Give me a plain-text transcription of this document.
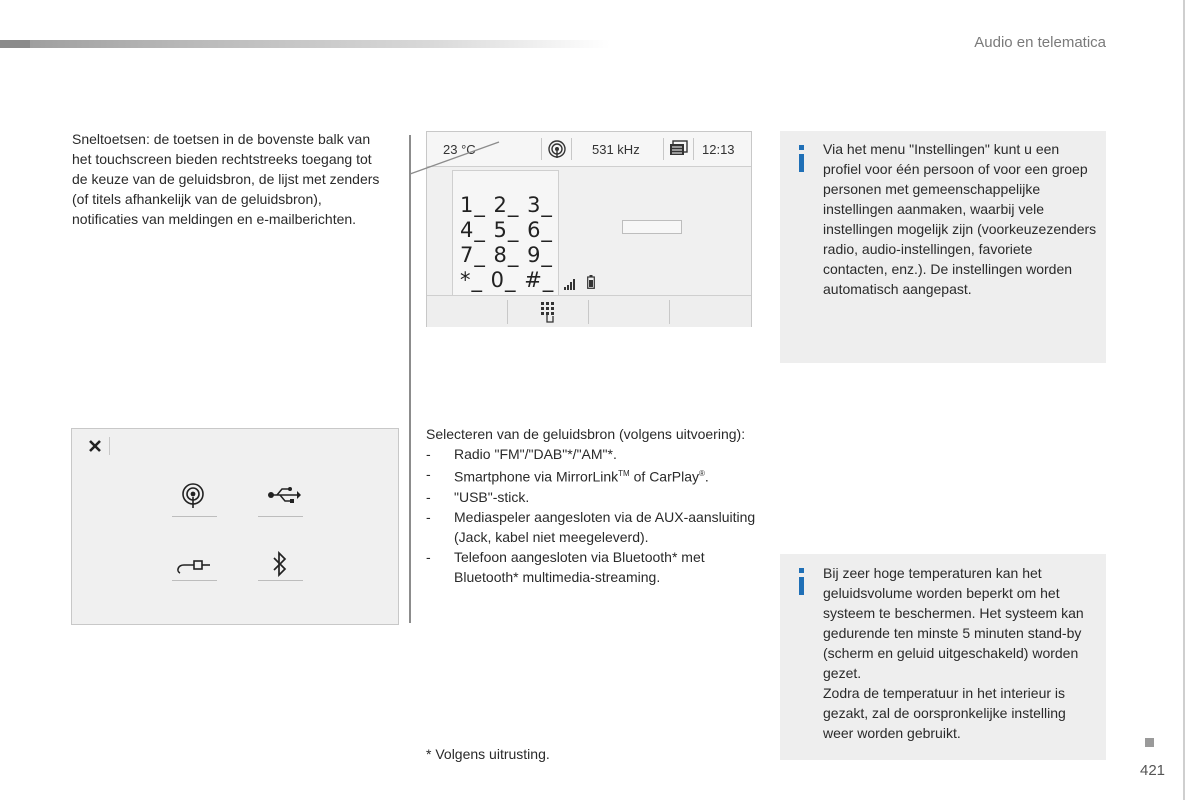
Audio en telematica
Sneltoetsen: de toetsen in de bovenste balk van het touchscreen bieden rechtstreeks toegang tot de keuze van de geluidsbron, de lijst met zenders (of titels afhankelijk van de geluidsbron), notificaties van meldingen en e-mailberichten.
23 °C	531 kHz	12:13
1_ 2_ 3_
4_ 5_ 6_
7_ 8_ 9_
*_ 0_ #_
Via het menu "Instellingen" kunt u een profiel voor één persoon of voor een groep personen met gemeenschappelijke instellingen aanmaken, waarbij vele instellingen mogelijk zijn (voorkeuzezenders radio, audio-instellingen, favoriete contacten, enz.). De instellingen worden automatisch aangepast.
Selecteren van de geluidsbron (volgens uitvoering):
- Radio "FM"/"DAB"*/"AM"*.
- Smartphone via MirrorLink™ of CarPlay®.
- "USB"-stick.
- Mediaspeler aangesloten via de AUX-aansluiting (Jack, kabel niet meegeleverd).
- Telefoon aangesloten via Bluetooth* met Bluetooth* multimedia-streaming.	Bij zeer hoge temperaturen kan het geluidsvolume worden beperkt om het systeem te beschermen. Het systeem kan gedurende ten minste 5 minuten stand-by (scherm en geluid uitgeschakeld) worden gezet.
Zodra de temperatuur in het interieur is gezakt, zal de oorspronkelijke instelling weer worden gebruikt.
* Volgens uitrusting.
421
